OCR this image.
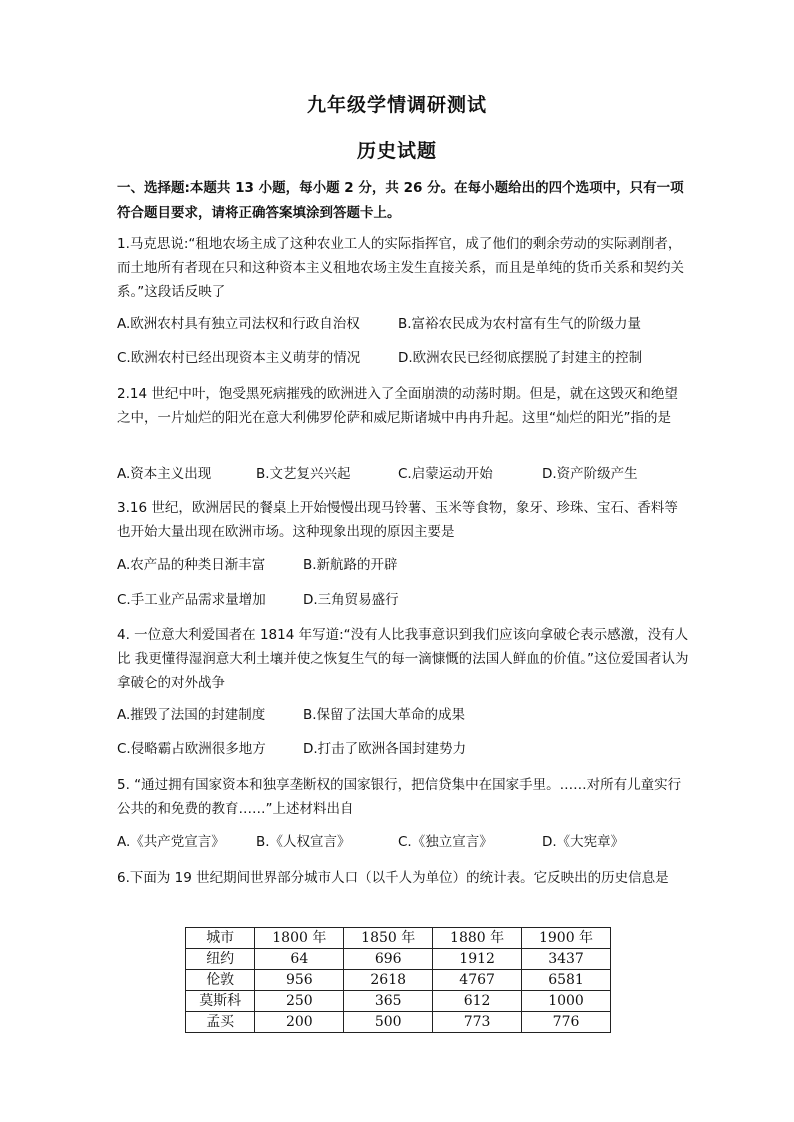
九年级学情调研测试
历史试题
一、选择题:本题共 13 小题，每小题 2 分，共 26 分。在每小题给出的四个选项中，只有一项符合题目要求，请将正确答案填涂到答题卡上。
1.马克思说:“租地农场主成了这种农业工人的实际指挥官，成了他们的剩余劳动的实际剥削者，而土地所有者现在只和这种资本主义租地农场主发生直接关系，而且是单纯的货币关系和契约关系。”这段话反映了
A.欧洲农村具有独立司法权和行政自治权	B.富裕农民成为农村富有生气的阶级力量
C.欧洲农村已经出现资本主义萌芽的情况	D.欧洲农民已经彻底摆脱了封建主的控制
2.14 世纪中叶，饱受黑死病摧残的欧洲进入了全面崩溃的动荡时期。但是，就在这毁灭和绝望之中，一片灿烂的阳光在意大利佛罗伦萨和威尼斯诸城中冉冉升起。这里“灿烂的阳光”指的是
A.资本主义出现	B.文艺复兴兴起	C.启蒙运动开始	D.资产阶级产生
3.16 世纪，欧洲居民的餐桌上开始慢慢出现马铃薯、玉米等食物，象牙、珍珠、宝石、香料等也开始大量出现在欧洲市场。这种现象出现的原因主要是
A.农产品的种类日渐丰富	B.新航路的开辟
C.手工业产品需求量增加	D.三角贸易盛行
4. 一位意大利爱国者在 1814 年写道:“没有人比我事意识到我们应该向拿破仑表示感激，没有人比 我更懂得湿润意大利土壤并使之恢复生气的每一滴慷慨的法国人鲜血的价值。”这位爱国者认为拿破仑的对外战争
A.摧毁了法国的封建制度	B.保留了法国大革命的成果
C.侵略霸占欧洲很多地方	D.打击了欧洲各国封建势力
5. “通过拥有国家资本和独享垄断权的国家银行，把信贷集中在国家手里。……对所有儿童实行公共的和免费的教育……”上述材料出自
A.《共产党宣言》 B.《人权宣言》	C.《独立宣言》	D.《大宪章》
6.下面为 19 世纪期间世界部分城市人口（以千人为单位）的统计表。它反映出的历史信息是
城市	1800 年	1850 年	1880 年	1900 年
纽约	64	696	1912	3437
伦敦	956	2618	4767	6581
莫斯科	250	365	612	1000
孟买	200	500	773	776
